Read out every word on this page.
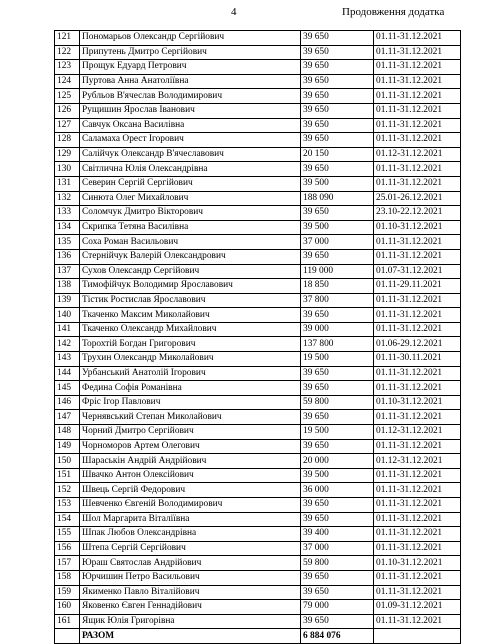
4	Продовження додатка
121	Пономарьов Олександр Сергійович	39 650	01.11-31.12.2021
122	Припутень Дмитро Сергійович	39 650	01.11-31.12.2021
123	Прощук Едуард Петрович	39 650	01.11-31.12.2021
124	Пуртова Анна Анатоліївна	39 650	01.11-31.12.2021
125	Рубльов В'ячеслав Володимирович	39 650	01.11-31.12.2021
126	Рущишин Ярослав Іванович	39 650	01.11-31.12.2021
127	Савчук Оксана Василівна	39 650	01.11-31.12.2021
128	Саламаха Орест Ігорович	39 650	01.11-31.12.2021
129	Салійчук Олександр В'ячеславович	20 150	01.12-31.12.2021
130	Світлична Юлія Олександрівна	39 650	01.11-31.12.2021
131	Северин Сергій Сергійович	39 500	01.11-31.12.2021
132	Синюта Олег Михайлович	188 090	25.01-26.12.2021
133	Соломчук Дмитро Вікторович	39 650	23.10-22.12.2021
134	Скрипка Тетяна Василівна	39 500	01.10-31.12.2021
135	Соха Роман Васильович	37 000	01.11-31.12.2021
136	Стернійчук Валерій Олександрович	39 650	01.11-31.12.2021
137	Сухов Олександр Сергійович	119 000	01.07-31.12.2021
138	Тимофійчук Володимир Ярославович	18 850	01.11-29.11.2021
139	Тістик Ростислав Ярославович	37 800	01.11-31.12.2021
140	Ткаченко Максим Миколайович	39 650	01.11-31.12.2021
141	Ткаченко Олександр Михайлович	39 000	01.11-31.12.2021
142	Торохтій Богдан Григорович	137 800	01.06-29.12.2021
143	Трухин Олександр Миколайович	19 500	01.11-30.11.2021
144	Урбанський Анатолій Ігорович	39 650	01.11-31.12.2021
145	Федина Софія Романівна	39 650	01.11-31.12.2021
146	Фріс Ігор Павлович	59 800	01.10-31.12.2021
147	Чернявський Степан Миколайович	39 650	01.11-31.12.2021
148	Чорний Дмитро Сергійович	19 500	01.12-31.12.2021
149	Чорноморов Артем Олегович	39 650	01.11-31.12.2021
150	Шараськін Андрій Андрійович	20 000	01.12-31.12.2021
151	Швачко Антон Олексійович	39 500	01.11-31.12.2021
152	Швець Сергій Федорович	36 000	01.11-31.12.2021
153	Шевченко Євгеній Володимирович	39 650	01.11-31.12.2021
154	Шол Маргарита Віталіївна	39 650	01.11-31.12.2021
155	Шпак Любов Олександрівна	39 400	01.11-31.12.2021
156	Штепа Сергій Сергійович	37 000	01.11-31.12.2021
157	Юраш Святослав Андрійович	59 800	01.10-31.12.2021
158	Юрчишин Петро Васильович	39 650	01.11-31.12.2021
159	Якименко Павло Віталійович	39 650	01.11-31.12.2021
160	Яковенко Євген Геннадійович	79 000	01.09-31.12.2021
161	Ящик Юлія Григорівна	39 650	01.11-31.12.2021
	РАЗОМ	6 884 076	
